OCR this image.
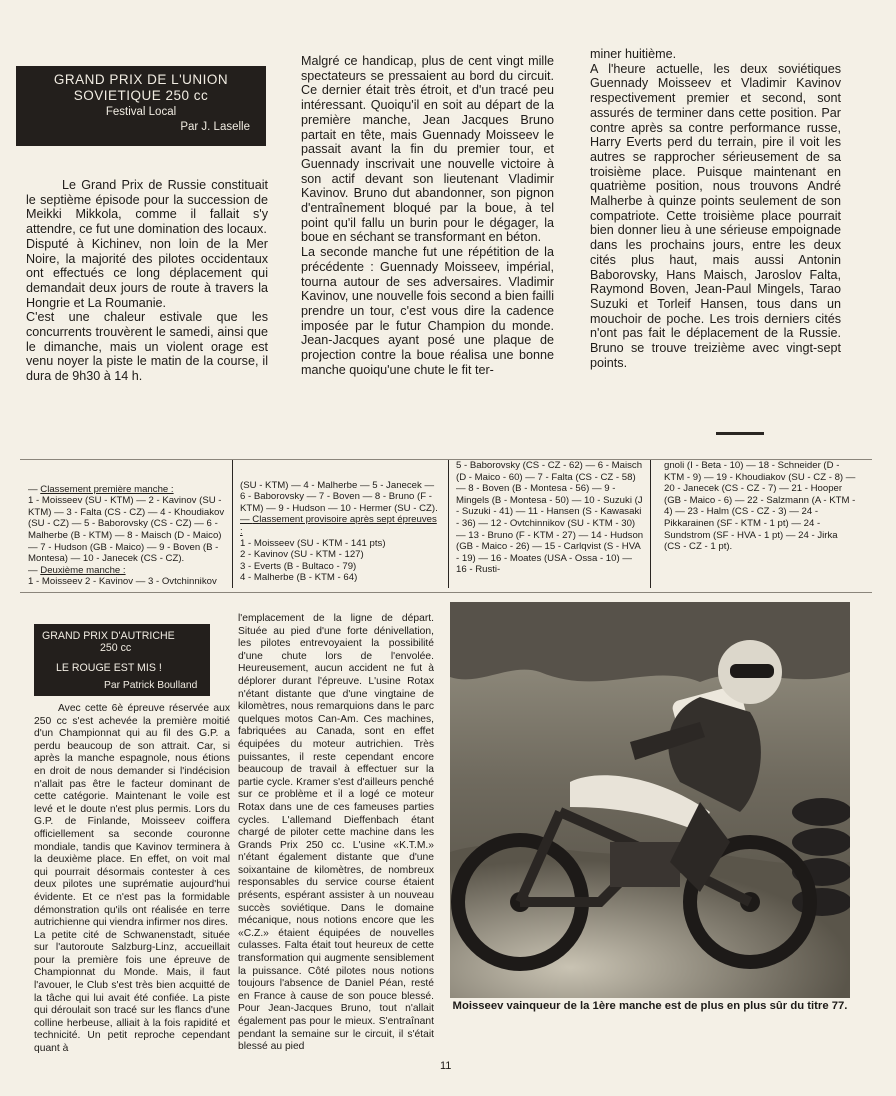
GRAND PRIX DE L'UNION
SOVIETIQUE 250 cc
Festival Local
Par J. Laselle

Le Grand Prix de Russie constituait le septième épisode pour la succession de Meikki Mikkola, comme il fallait s'y attendre, ce fut une domination des locaux.
Disputé à Kichinev, non loin de la Mer Noire, la majorité des pilotes occidentaux ont effectués ce long déplacement qui demandait deux jours de route à travers la Hongrie et La Roumanie.
C'est une chaleur estivale que les concurrents trouvèrent le samedi, ainsi que le dimanche, mais un violent orage est venu noyer la piste le matin de la course, il dura de 9h30 à 14 h.

Malgré ce handicap, plus de cent vingt mille spectateurs se pressaient au bord du circuit. Ce dernier était très étroit, et d'un tracé peu intéressant. Quoiqu'il en soit au départ de la première manche, Jean Jacques Bruno partait en tête, mais Guennady Moisseev le passait avant la fin du premier tour, et Guennady inscrivait une nouvelle victoire à son actif devant son lieutenant Vladimir Kavinov. Bruno dut abandonner, son pignon d'entraînement bloqué par la boue, à tel point qu'il fallu un burin pour le dégager, la boue en séchant se transformant en béton.
La seconde manche fut une répétition de la précédente : Guennady Moisseev, impérial, tourna autour de ses adversaires. Vladimir Kavinov, une nouvelle fois second a bien failli prendre un tour, c'est vous dire la cadence imposée par le futur Champion du monde. Jean-Jacques ayant posé une plaque de projection contre la boue réalisa une bonne manche quoiqu'une chute le fit ter-

miner huitième.
A l'heure actuelle, les deux soviétiques Guennady Moisseev et Vladimir Kavinov respectivement premier et second, sont assurés de terminer dans cette position. Par contre après sa contre performance russe, Harry Everts perd du terrain, pire il voit les autres se rapprocher sérieusement de sa troisième place. Puisque maintenant en quatrième position, nous trouvons André Malherbe à quinze points seulement de son compatriote. Cette troisième place pourrait bien donner lieu à une sérieuse empoignade dans les prochains jours, entre les deux cités plus haut, mais aussi Antonin Baborovsky, Hans Maisch, Jaroslov Falta, Raymond Boven, Jean-Paul Mingels, Tarao Suzuki et Torleif Hansen, tous dans un mouchoir de poche. Les trois derniers cités n'ont pas fait le déplacement de la Russie. Bruno se trouve treizième avec vingt-sept points.

— Classement première manche :
1 - Moisseev (SU - KTM) — 2 - Kavinov (SU - KTM) — 3 - Falta (CS - CZ) — 4 - Khoudiakov (SU - CZ) — 5 - Baborovsky (CS - CZ) — 6 - Malherbe (B - KTM) — 8 - Maisch (D - Maico) — 7 - Hudson (GB - Maico) — 9 - Boven (B - Montesa) — 10 - Janecek (CS - CZ).
— Deuxième manche :
1 - Moisseev 2 - Kavinov — 3 - Ovtchinnikov

(SU - KTM) — 4 - Malherbe — 5 - Janecek — 6 - Baborovsky — 7 - Boven — 8 - Bruno (F - KTM) — 9 - Hudson — 10 - Hermer (SU - CZ).
— Classement provisoire après sept épreuves :
1 - Moisseev (SU - KTM - 141 pts)
2 - Kavinov (SU - KTM - 127)
3 - Everts (B - Bultaco - 79)
4 - Malherbe (B - KTM - 64)

5 - Baborovsky (CS - CZ - 62) — 6 - Maisch (D - Maico - 60) — 7 - Falta (CS - CZ - 58) — 8 - Boven (B - Montesa - 56) — 9 - Mingels (B - Montesa - 50) — 10 - Suzuki (J - Suzuki - 41) — 11 - Hansen (S - Kawasaki - 36) — 12 - Ovtchinnikov (SU - KTM - 30) — 13 - Bruno (F - KTM - 27) — 14 - Hudson (GB - Maico - 26) — 15 - Carlqvist (S - HVA - 19) — 16 - Moates (USA - Ossa - 10) — 16 - Rusti-

gnoli (I - Beta - 10) — 18 - Schneider (D - KTM - 9) — 19 - Khoudiakov (SU - CZ - 8) — 20 - Janecek (CS - CZ - 7) — 21 - Hooper (GB - Maico - 6) — 22 - Salzmann (A - KTM - 4) — 23 - Halm (CS - CZ - 3) — 24 - Pikkarainen (SF - KTM - 1 pt) — 24 - Sundstrom (SF - HVA - 1 pt) — 24 - Jirka (CS - CZ - 1 pt).

GRAND PRIX D'AUTRICHE
250 cc
LE ROUGE EST MIS !
Par Patrick Boulland

Avec cette 6è épreuve réservée aux 250 cc s'est achevée la première moitié d'un Championnat qui au fil des G.P. a perdu beaucoup de son attrait. Car, si après la manche espagnole, nous étions en droit de nous demander si l'indécision n'allait pas être le facteur dominant de cette catégorie. Maintenant le voile est levé et le doute n'est plus permis. Lors du G.P. de Finlande, Moisseev coiffera officiellement sa seconde couronne mondiale, tandis que Kavinov terminera à la deuxième place. En effet, on voit mal qui pourrait désormais contester à ces deux pilotes une suprématie aujourd'hui évidente. Et ce n'est pas la formidable démonstration qu'ils ont réalisée en terre autrichienne qui viendra infirmer nos dires.
La petite cité de Schwanenstadt, située sur l'autoroute Salzburg-Linz, accueillait pour la première fois une épreuve de Championnat du Monde. Mais, il faut l'avouer, le Club s'est très bien acquitté de la tâche qui lui avait été confiée. La piste qui déroulait son tracé sur les flancs d'une colline herbeuse, alliait à la fois rapidité et technicité. Un petit reproche cependant quant à

l'emplacement de la ligne de départ. Située au pied d'une forte dénivellation, les pilotes entrevoyaient la possibilité d'une chute lors de l'envolée. Heureusement, aucun accident ne fut à déplorer durant l'épreuve. L'usine Rotax n'étant distante que d'une vingtaine de kilomètres, nous remarquions dans le parc quelques motos Can-Am. Ces machines, fabriquées au Canada, sont en effet équipées du moteur autrichien. Très puissantes, il reste cependant encore beaucoup de travail à effectuer sur la partie cycle. Kramer s'est d'ailleurs penché sur ce problème et il a logé ce moteur Rotax dans une de ces fameuses parties cycles. L'allemand Dieffenbach étant chargé de piloter cette machine dans les Grands Prix 250 cc. L'usine «K.T.M.» n'étant également distante que d'une soixantaine de kilomètres, de nombreux responsables du service course étaient présents, espérant assister à un nouveau succès soviétique. Dans le domaine mécanique, nous notions encore que les «C.Z.» étaient équipées de nouvelles culasses. Falta était tout heureux de cette transformation qui augmente sensiblement la puissance. Côté pilotes nous notions toujours l'absence de Daniel Péan, resté en France à cause de son pouce blessé. Pour Jean-Jacques Bruno, tout n'allait également pas pour le mieux. S'entraînant pendant la semaine sur le circuit, il s'était blessé au pied

Moisseev vainqueur de la 1ère manche est de plus en plus sûr du titre 77.
11
